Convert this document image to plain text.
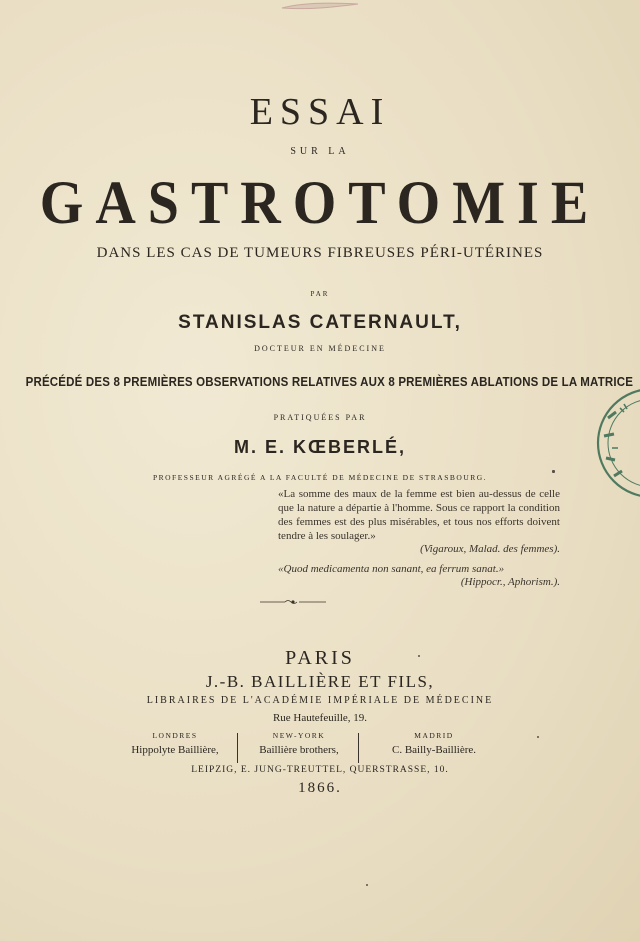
ESSAI
SUR LA
GASTROTOMIE
DANS LES CAS DE TUMEURS FIBREUSES PÉRI-UTÉRINES
PAR
STANISLAS CATERNAULT,
DOCTEUR EN MÉDECINE
PRÉCÉDÉ DES 8 PREMIÈRES OBSERVATIONS RELATIVES AUX 8 PREMIÈRES ABLATIONS DE LA MATRICE
PRATIQUÉES PAR
M. E. KŒBERLÉ,
PROFESSEUR AGRÉGÉ A LA FACULTÉ DE MÉDECINE DE STRASBOURG.

«La somme des maux de la femme est bien au-dessus de celle que la nature a départie à l'homme. Sous ce rapport la condition des femmes est des plus misérables, et tous nos efforts doivent tendre à les soulager.»

(Vigaroux, Malad. des femmes).

«Quod medicamenta non sanant, ea ferrum sanat.»

(Hippocr., Aphorism.).
PARIS
J.-B. BAILLIÈRE ET FILS,
LIBRAIRES DE L'ACADÉMIE IMPÉRIALE DE MÉDECINE
Rue Hautefeuille, 19.
LONDRES
Hippolyte Baillière,
NEW-YORK
Baillière brothers,
MADRID
C. Bailly-Baillière.
LEIPZIG, E. JUNG-TREUTTEL, QUERSTRASSE, 10.
1866.
